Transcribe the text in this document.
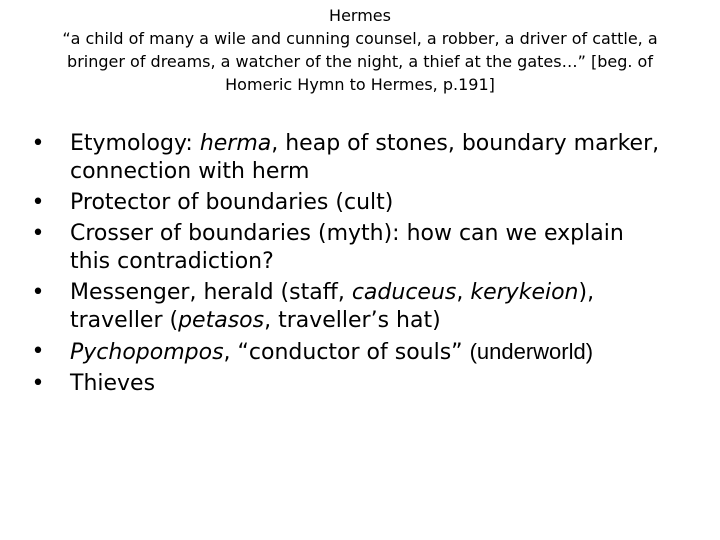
Hermes
“a child of many a wile and cunning counsel, a robber, a driver of cattle, a
bringer of dreams, a watcher of the night, a thief at the gates…” [beg. of
Homeric Hymn to Hermes, p.191]
• Etymology: herma, heap of stones, boundary marker,
connection with herm
• Protector of boundaries (cult)
• Crosser of boundaries (myth): how can we explain
this contradiction?
• Messenger, herald (staff, caduceus, kerykeion),
traveller (petasos, traveller’s hat)
• Pychopompos, “conductor of souls” (underworld)
• Thieves
